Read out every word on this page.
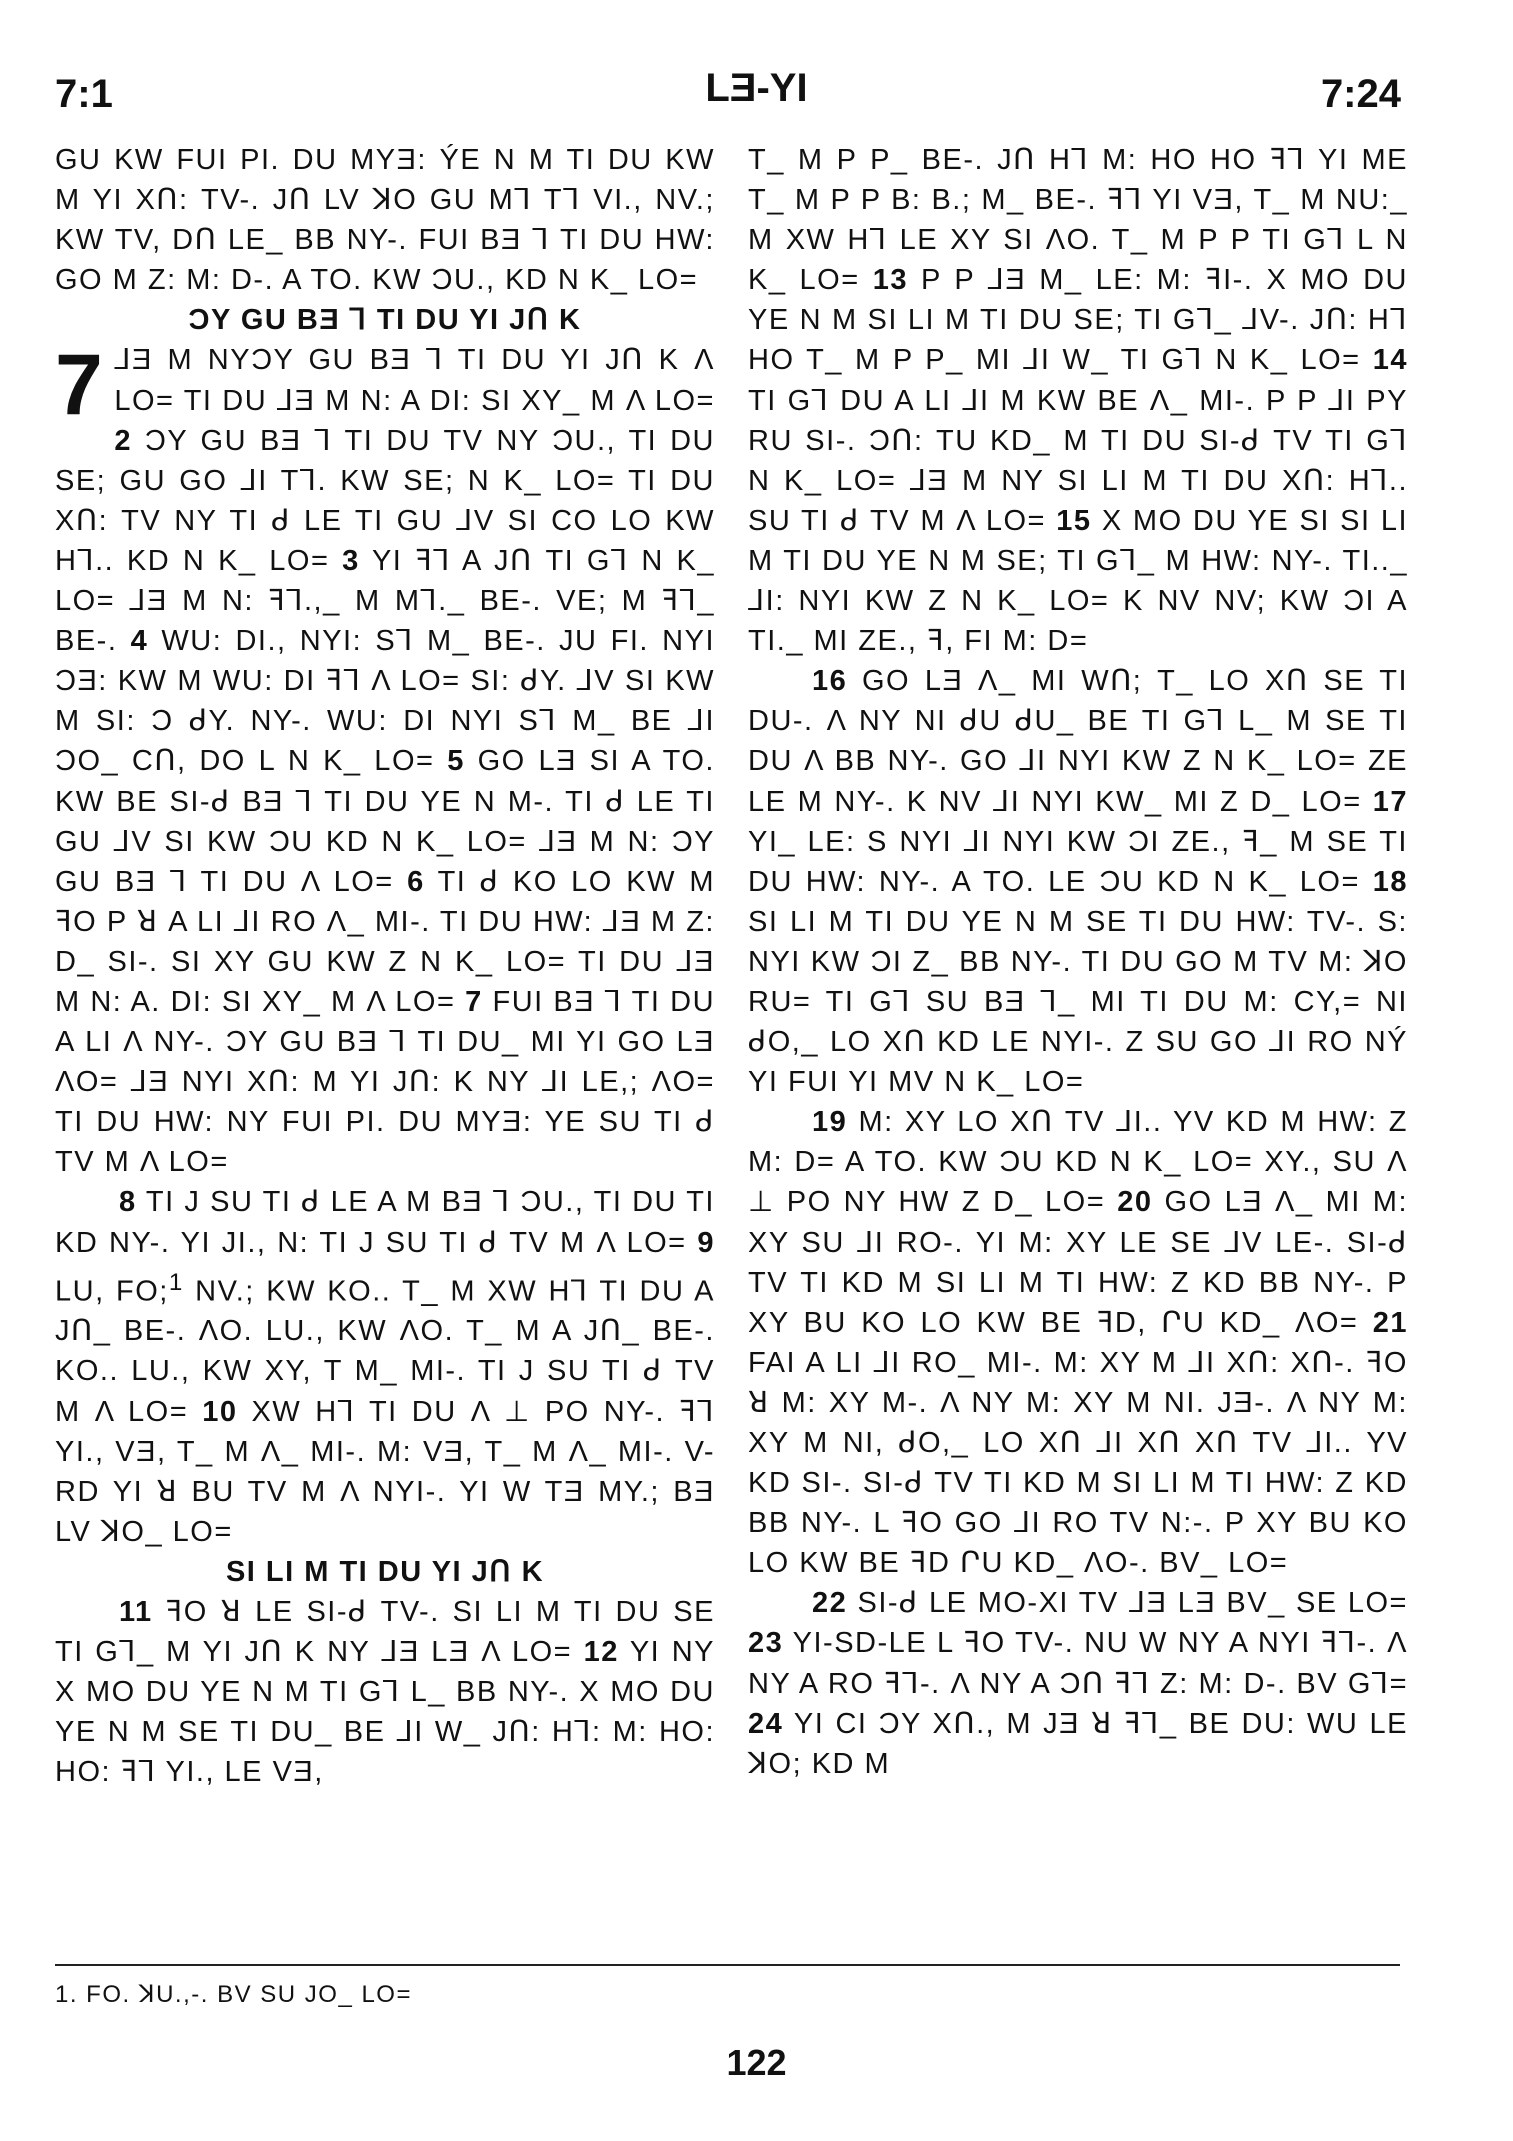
7:1	LƎ-YI	7:24

GU KW FUI PI. DU MYƎ: ÝE N M TI DU KW M YI XՈ: TV-. JՈ LV ꓘO GU M⅂ T⅂ VI., NV.; KW TV, DՈ LE_ BB NY-. FUI BƎ ⅂ TI DU HW: GO M Z: M: D-. A TO. KW ƆU., KD N K_ LO=

ƆY GU BƎ ⅂ TI DU YI JՈ K

7 ⅃Ǝ M NYƆY GU BƎ ⅂ TI DU YI JՈ K Λ LO= TI DU ⅃Ǝ M N: A DI: SI XY_ M Λ LO= 2 ƆY GU BƎ ⅂ TI DU TV NY ƆU., TI DU SE; GU GO ⅃I T⅂. KW SE; N K_ LO= TI DU XՈ: TV NY TI ᑯ LE TI GU ⅃V SI CO LO KW H⅂.. KD N K_ LO= 3 YI ꟻ⅂ A JՈ TI G⅂ N K_ LO= ⅃Ǝ M N: ꟻ⅂.,_ M M⅂._ BE-. VE; M ꟻ⅂_ BE-. 4 WU: DI., NYI: S⅂ M_ BE-. JU FI. NYI ƆƎ: KW M WU: DI ꟻ⅂ Λ LO= SI: ᑯY. ⅃V SI KW M SI: Ɔ ᑯY. NY-. WU: DI NYI S⅂ M_ BE ⅃I ƆO_ CՈ, DO L N K_ LO= 5 GO LƎ SI A TO. KW BE SI-ᑯ BƎ ⅂ TI DU YE N M-. TI ᑯ LE TI GU ⅃V SI KW ƆU KD N K_ LO= ⅃Ǝ M N: ƆY GU BƎ ⅂ TI DU Λ LO= 6 TI ᑯ KO LO KW M ꟻO P ꓤ A LI ⅃I RO Λ_ MI-. TI DU HW: ⅃Ǝ M Z: D_ SI-. SI XY GU KW Z N K_ LO= TI DU ⅃Ǝ M N: A. DI: SI XY_ M Λ LO= 7 FUI BƎ ⅂ TI DU A LI Λ NY-. ƆY GU BƎ ⅂ TI DU_ MI YI GO LƎ ΛO= ⅃Ǝ NYI XՈ: M YI JՈ: K NY ⅃I LE,; ΛO= TI DU HW: NY FUI PI. DU MYƎ: YE SU TI ᑯ TV M Λ LO=

8 TI J SU TI ᑯ LE A M BƎ ⅂ ƆU., TI DU TI KD NY-. YI JI., N: TI J SU TI ᑯ TV M Λ LO= 9 LU, FO;$^1$ NV.; KW KO.. T_ M XW H⅂ TI DU A JՈ_ BE-. ΛO. LU., KW ΛO. T_ M A JՈ_ BE-. KO.. LU., KW XY, T M_ MI-. TI J SU TI ᑯ TV M Λ LO= 10 XW H⅂ TI DU Λ ⊥ PO NY-. ꟻ⅂ YI., VƎ, T_ M Λ_ MI-. M: VƎ, T_ M Λ_ MI-. V-RD YI ꓤ BU TV M Λ NYI-. YI W TƎ MY.; BƎ LV ꓘO_ LO=

SI LI M TI DU YI JՈ K

11 ꟻO ꓤ LE SI-ᑯ TV-. SI LI M TI DU SE TI G⅂_ M YI JՈ K NY ⅃Ǝ LƎ Λ LO= 12 YI NY X MO DU YE N M TI G⅂ L_ BB NY-. X MO DU YE N M SE TI DU_ BE ⅃I W_ JՈ: H⅂: M: HO: HO: ꟻ⅂ YI., LE VƎ,

T_ M P P_ BE-. JՈ H⅂ M: HO HO ꟻ⅂ YI ME T_ M P P B: B.; M_ BE-. ꟻ⅂ YI VƎ, T_ M NU:_ M XW H⅂ LE XY SI ΛO. T_ M P P TI G⅂ L N K_ LO= 13 P P ⅃Ǝ M_ LE: M: ꟻI-. X MO DU YE N M SI LI M TI DU SE; TI G⅂_ ⅃V-. JՈ: H⅂ HO T_ M P P_ MI ⅃I W_ TI G⅂ N K_ LO= 14 TI G⅂ DU A LI ⅃I M KW BE Λ_ MI-. P P ⅃I PY RU SI-. ƆՈ: TU KD_ M TI DU SI-ᑯ TV TI G⅂ N K_ LO= ⅃Ǝ M NY SI LI M TI DU XՈ: H⅂.. SU TI ᑯ TV M Λ LO= 15 X MO DU YE SI SI LI M TI DU YE N M SE; TI G⅂_ M HW: NY-. TI.._ ⅃I: NYI KW Z N K_ LO= K NV NV; KW ƆI A TI._ MI ZE., ꟻ, FI M: D=

16 GO LƎ Λ_ MI WՈ; T_ LO XՈ SE TI DU-. Λ NY NI ᑯU ᑯU_ BE TI G⅂ L_ M SE TI DU Λ BB NY-. GO ⅃I NYI KW Z N K_ LO= ZE LE M NY-. K NV ⅃I NYI KW_ MI Z D_ LO= 17 YI_ LE: S NYI ⅃I NYI KW ƆI ZE., ꟻ_ M SE TI DU HW: NY-. A TO. LE ƆU KD N K_ LO= 18 SI LI M TI DU YE N M SE TI DU HW: TV-. S: NYI KW ƆI Z_ BB NY-. TI DU GO M TV M: ꓘO RU= TI G⅂ SU BƎ ⅂_ MI TI DU M: CY,= NI ᑯO,_ LO XՈ KD LE NYI-. Z SU GO ⅃I RO NÝ YI FUI YI MV N K_ LO=

19 M: XY LO XՈ TV ⅃I.. YV KD M HW: Z M: D= A TO. KW ƆU KD N K_ LO= XY., SU Λ ⊥ PO NY HW Z D_ LO= 20 GO LƎ Λ_ MI M: XY SU ⅃I RO-. YI M: XY LE SE ⅃V LE-. SI-ᑯ TV TI KD M SI LI M TI HW: Z KD BB NY-. P XY BU KO LO KW BE ꟻD, ՐU KD_ ΛO= 21 FAI A LI ⅃I RO_ MI-. M: XY M ⅃I XՈ: XՈ-. ꟻO ꓤ M: XY M-. Λ NY M: XY M NI. JƎ-. Λ NY M: XY M NI, ᑯO,_ LO XՈ ⅃I XՈ XՈ TV ⅃I.. YV KD SI-. SI-ᑯ TV TI KD M SI LI M TI HW: Z KD BB NY-. L ꟻO GO ⅃I RO TV N:-. P XY BU KO LO KW BE ꟻD ՐU KD_ ΛO-. BV_ LO=

22 SI-ᑯ LE MO-XI TV ⅃Ǝ LƎ BV_ SE LO= 23 YI-SD-LE L ꟻO TV-. NU W NY A NYI ꟻ⅂-. Λ NY A RO ꟻ⅂-. Λ NY A ƆՈ ꟻ⅂ Z: M: D-. BV G⅂= 24 YI CI ƆY XՈ., M JƎ ꓤ ꟻ⅂_ BE DU: WU LE ꓘO; KD M

1. FO. ꓘU.,-. BV SU JO_ LO=
122
